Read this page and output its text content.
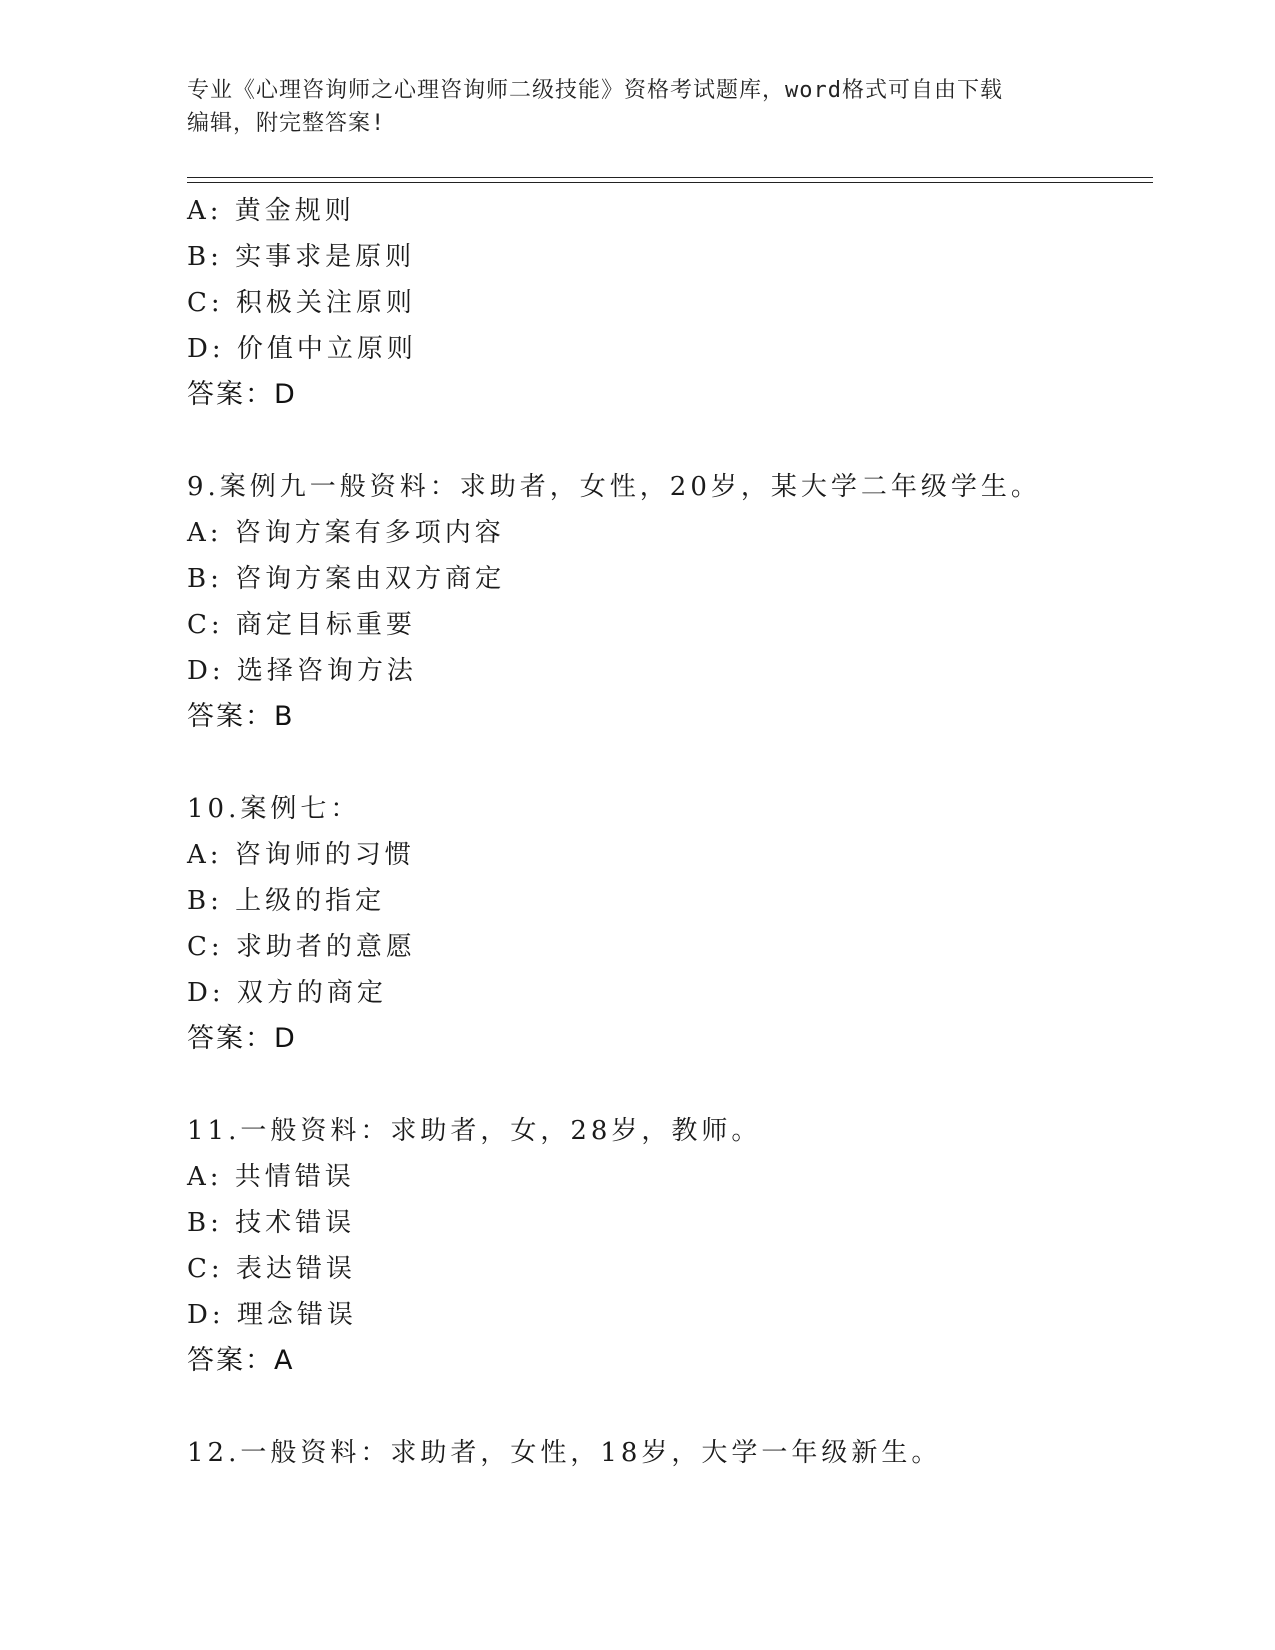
专业《心理咨询师之心理咨询师二级技能》资格考试题库，word格式可自由下载
编辑，附完整答案!
A: 黄金规则
B: 实事求是原则
C: 积极关注原则
D: 价值中立原则
答案：D
9.案例九一般资料：求助者，女性，20岁，某大学二年级学生。
A: 咨询方案有多项内容
B: 咨询方案由双方商定
C: 商定目标重要
D: 选择咨询方法
答案：B
10.案例七：
A: 咨询师的习惯
B: 上级的指定
C: 求助者的意愿
D: 双方的商定
答案：D
11.一般资料：求助者，女，28岁，教师。
A: 共情错误
B: 技术错误
C: 表达错误
D: 理念错误
答案：A
12.一般资料：求助者，女性，18岁，大学一年级新生。
